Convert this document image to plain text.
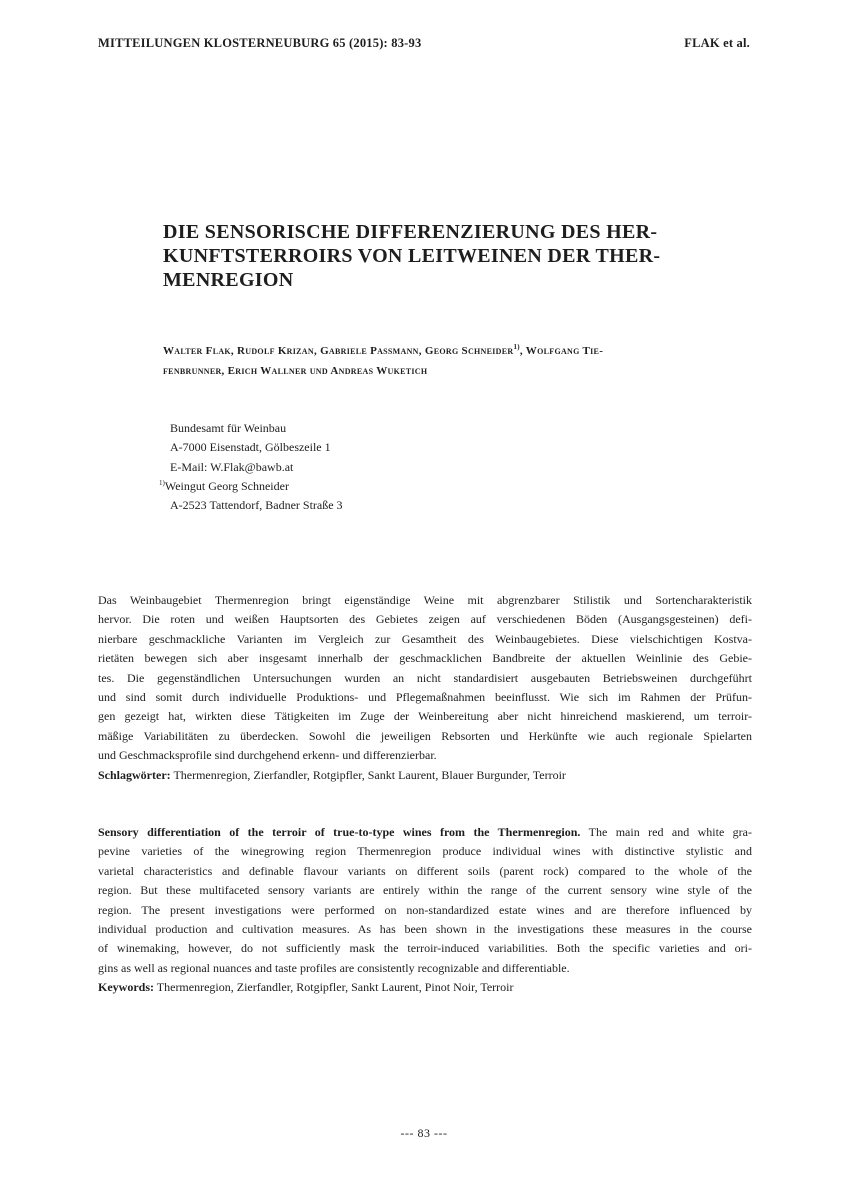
MITTEILUNGEN KLOSTERNEUBURG 65 (2015): 83-93	FLAK et al.
DIE SENSORISCHE DIFFERENZIERUNG DES HER-
KUNFTSTERROIRS VON LEITWEINEN DER THER-
MENREGION
Walter Flak, Rudolf Krizan, Gabriele Passmann, Georg Schneider$^{1)}$, Wolfgang Tie-
fenbrunner, Erich Wallner und Andreas Wuketich
Bundesamt für Weinbau
A-7000 Eisenstadt, Gölbeszeile 1
E-Mail: W.Flak@bawb.at
$^{1)}$Weingut Georg Schneider
A-2523 Tattendorf, Badner Straße 3
Das Weinbaugebiet Thermenregion bringt eigenständige Weine mit abgrenzbarer Stilistik und Sortencharakteristik
hervor. Die roten und weißen Hauptsorten des Gebietes zeigen auf verschiedenen Böden (Ausgangsgesteinen) defi-
nierbare geschmackliche Varianten im Vergleich zur Gesamtheit des Weinbaugebietes. Diese vielschichtigen Kostva-
rietäten bewegen sich aber insgesamt innerhalb der geschmacklichen Bandbreite der aktuellen Weinlinie des Gebie-
tes. Die gegenständlichen Untersuchungen wurden an nicht standardisiert ausgebauten Betriebsweinen durchgeführt
und sind somit durch individuelle Produktions- und Pflegemaßnahmen beeinflusst. Wie sich im Rahmen der Prüfun-
gen gezeigt hat, wirkten diese Tätigkeiten im Zuge der Weinbereitung aber nicht hinreichend maskierend, um terroir-
mäßige Variabilitäten zu überdecken. Sowohl die jeweiligen Rebsorten und Herkünfte wie auch regionale Spielarten
und Geschmacksprofile sind durchgehend erkenn- und differenzierbar.
Schlagwörter: Thermenregion, Zierfandler, Rotgipfler, Sankt Laurent, Blauer Burgunder, Terroir
Sensory differentiation of the terroir of true-to-type wines from the Thermenregion. The main red and white gra-
pevine varieties of the winegrowing region Thermenregion produce individual wines with distinctive stylistic and
varietal characteristics and definable flavour variants on different soils (parent rock) compared to the whole of the
region. But these multifaceted sensory variants are entirely within the range of the current sensory wine style of the
region. The present investigations were performed on non-standardized estate wines and are therefore influenced by
individual production and cultivation measures. As has been shown in the investigations these measures in the course
of winemaking, however, do not sufficiently mask the terroir-induced variabilities. Both the specific varieties and ori-
gins as well as regional nuances and taste profiles are consistently recognizable and differentiable.
Keywords: Thermenregion, Zierfandler, Rotgipfler, Sankt Laurent, Pinot Noir, Terroir
--- 83 ---
